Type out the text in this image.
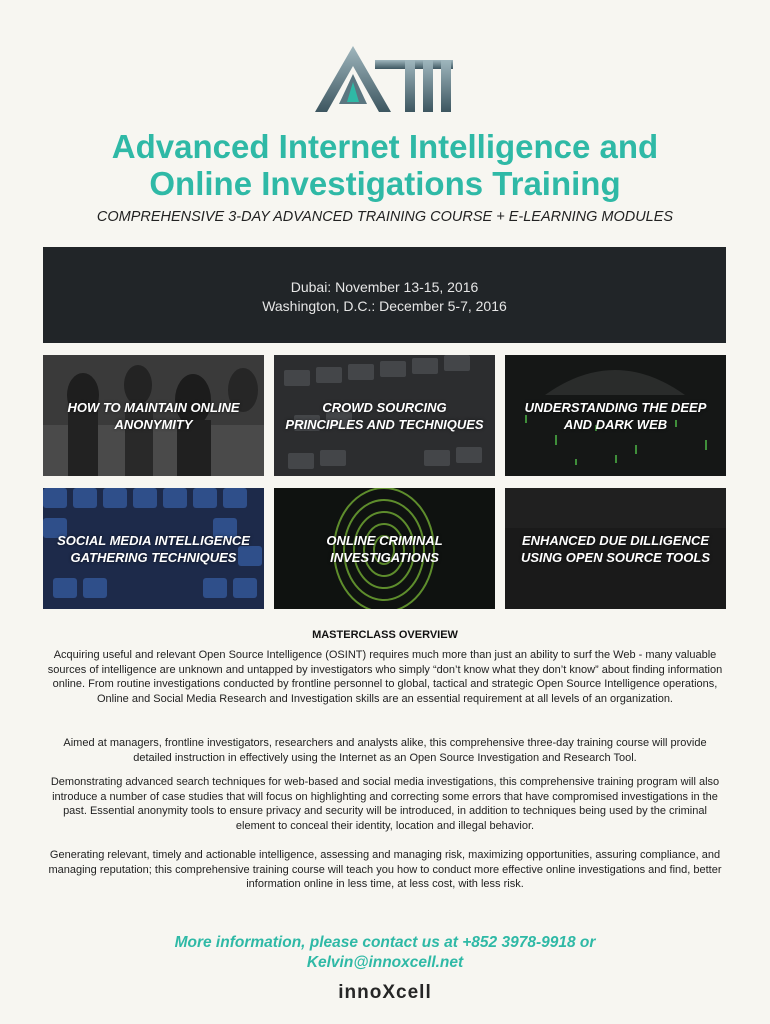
Advanced Internet Intelligence and
Online Investigations Training
COMPREHENSIVE 3-DAY ADVANCED TRAINING COURSE + E-LEARNING MODULES
Dubai: November 13-15, 2016
Washington, D.C.: December 5-7, 2016
HOW TO MAINTAIN ONLINE ANONYMITY
CROWD SOURCING PRINCIPLES AND TECHNIQUES
UNDERSTANDING THE DEEP AND DARK WEB
SOCIAL MEDIA INTELLIGENCE GATHERING TECHNIQUES
ONLINE CRIMINAL INVESTIGATIONS
ENHANCED DUE DILLIGENCE USING OPEN SOURCE TOOLS
MASTERCLASS OVERVIEW

Acquiring useful and relevant Open Source Intelligence (OSINT) requires much more than just an ability to surf the Web - many valuable sources of intelligence are unknown and untapped by investigators who simply “don’t know what they don’t know” about finding information online. From routine investigations conducted by frontline personnel to global, tactical and strategic Open Source Intelligence operations, Online and Social Media Research and Investigation skills are an essential requirement at all levels of an organization.

Aimed at managers, frontline investigators, researchers and analysts alike, this comprehensive three-day training course will provide detailed instruction in effectively using the Internet as an Open Source Investigation and Research Tool.

Demonstrating advanced search techniques for web-based and social media investigations, this comprehensive training program will also introduce a number of case studies that will focus on highlighting and correcting some errors that have compromised investigations in the past. Essential anonymity tools to ensure privacy and security will be introduced, in addition to techniques being used by the criminal element to conceal their identity, location and illegal behavior.

Generating relevant, timely and actionable intelligence, assessing and managing risk, maximizing opportunities, assuring compliance, and managing reputation; this comprehensive training course will teach you how to conduct more effective online investigations and find, better information online in less time, at less cost, with less risk.

More information, please contact us at +852 3978-9918 or
Kelvin@innoxcell.net
innoXcell
